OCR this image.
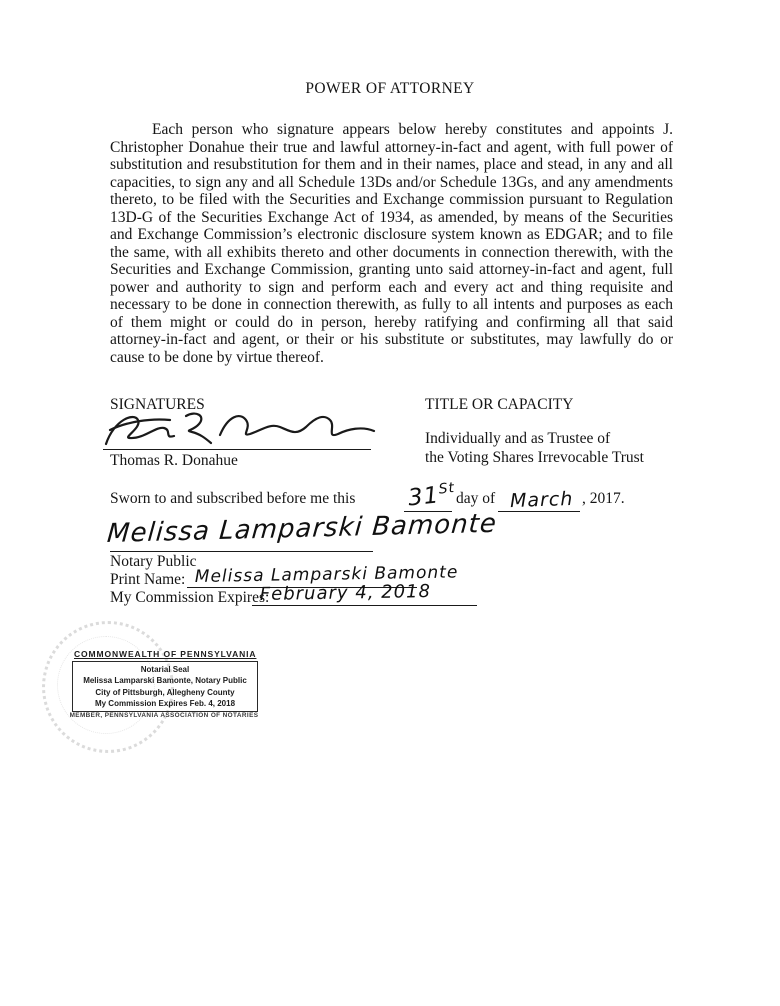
POWER OF ATTORNEY
Each person who signature appears below hereby constitutes and appoints J. Christopher Donahue their true and lawful attorney-in-fact and agent, with full power of substitution and resubstitution for them and in their names, place and stead, in any and all capacities, to sign any and all Schedule 13Ds and/or Schedule 13Gs, and any amendments thereto, to be filed with the Securities and Exchange commission pursuant to Regulation 13D-G of the Securities Exchange Act of 1934, as amended, by means of the Securities and Exchange Commission’s electronic disclosure system known as EDGAR; and to file the same, with all exhibits thereto and other documents in connection therewith, with the Securities and Exchange Commission, granting unto said attorney-in-fact and agent, full power and authority to sign and perform each and every act and thing requisite and necessary to be done in connection therewith, as fully to all intents and purposes as each of them might or could do in person, hereby ratifying and confirming all that said attorney-in-fact and agent, or their or his substitute or substitutes, may lawfully do or cause to be done by virtue thereof.
SIGNATURES	TITLE OR CAPACITY
Thomas R. Donahue
Individually and as Trustee of
the Voting Shares Irrevocable Trust
Sworn to and subscribed before me this 31St
day of March , 2017.
Melissa Lamparski Bamonte
Notary Public
Print Name: Melissa Lamparski Bamonte
My Commission Expires:
February 4, 2018
COMMONWEALTH OF PENNSYLVANIA
Notarial Seal
Melissa Lamparski Bamonte, Notary Public
City of Pittsburgh, Allegheny County
My Commission Expires Feb. 4, 2018
MEMBER, PENNSYLVANIA ASSOCIATION OF NOTARIES
